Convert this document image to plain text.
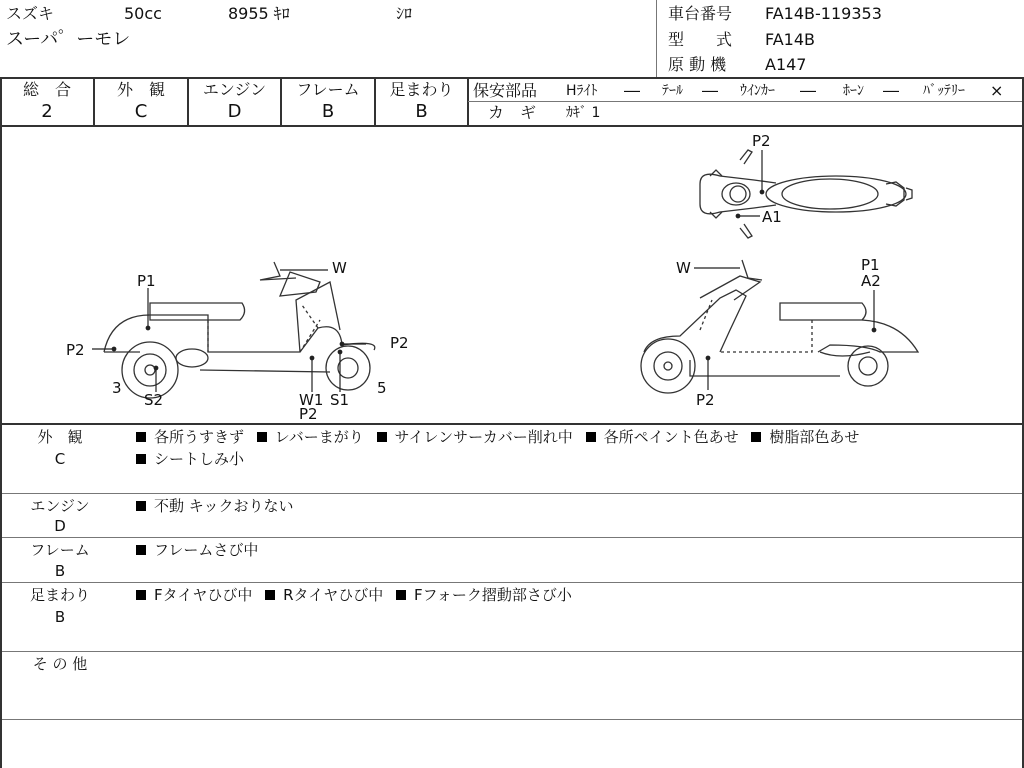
スズキ	50cc	8955 ｷﾛ	ｼﾛ
スーパ゜ーモレ
車台番号 FA14B-119353
型　　式 FA14B
原 動 機 A147
総　合
2
外　観
C
エンジン
D
フレーム
B
足まわり
B
保安部品 Hﾗｲﾄ ― ﾃｰﾙ ― ｳｲﾝｶｰ ― ﾎｰﾝ ― ﾊﾞｯﾃﾘｰ ×
カ　ギ ｶｷﾞ 1
P1
P2
W
P2
3
S2	W1
P2
S1
5
W	P1
A2
P2
P2
A1
外　観
C
各所うすきず レバーまがり サイレンサーカバー削れ中 各所ペイント色あせ 樹脂部色あせ
シートしみ小
エンジン
D
不動 キックおりない
フレーム
B
フレームさび中
足まわり
B
Fタイヤひび中 Rタイヤひび中 Fフォーク摺動部さび小
そ の 他
